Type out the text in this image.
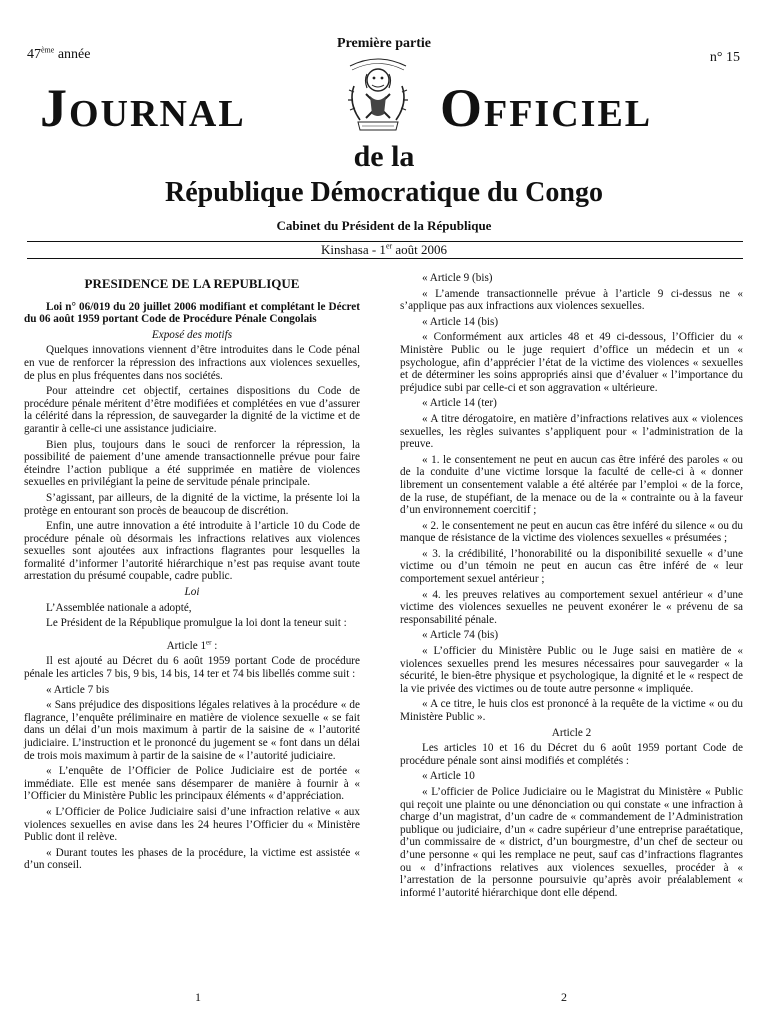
Première partie
47ème année	n° 15
Journal	Officiel
de la
République Démocratique du Congo
Cabinet du Président de la République
Kinshasa - 1er août 2006
PRESIDENCE DE LA REPUBLIQUE

Loi n° 06/019 du 20 juillet 2006 modifiant et complétant le Décret du 06 août 1959 portant Code de Procédure Pénale Congolais

Exposé des motifs

Quelques innovations viennent d’être introduites dans le Code pénal en vue de renforcer la répression des infractions aux violences sexuelles, de plus en plus fréquentes dans nos sociétés.

Pour atteindre cet objectif, certaines dispositions du Code de procédure pénale méritent d’être modifiées et complétées en vue d’assurer la célérité dans la répression, de sauvegarder la dignité de la victime et de garantir à celle-ci une assistance judiciaire.

Bien plus, toujours dans le souci de renforcer la répression, la possibilité de paiement d’une amende transactionnelle prévue pour faire éteindre l’action publique a été supprimée en matière de violences sexuelles en privilégiant la peine de servitude pénale principale.

S’agissant, par ailleurs, de la dignité de la victime, la présente loi la protège en entourant son procès de beaucoup de discrétion.

Enfin, une autre innovation a été introduite à l’article 10 du Code de procédure pénale où désormais les infractions relatives aux violences sexuelles sont ajoutées aux infractions flagrantes pour lesquelles la formalité d’informer l’autorité hiérarchique n’est pas requise avant toute arrestation du présumé coupable, cadre public.

Loi

L’Assemblée nationale a adopté,

Le Président de la République promulgue la loi dont la teneur suit :

Article 1er :

Il est ajouté au Décret du 6 août 1959 portant Code de procédure pénale les articles 7 bis, 9 bis, 14 bis, 14 ter et 74 bis libellés comme suit :

« Article 7 bis

« Sans préjudice des dispositions légales relatives à la procédure « de flagrance, l’enquête préliminaire en matière de violence sexuelle « se fait dans un délai d’un mois maximum à partir de la saisine de « l’autorité judiciaire. L’instruction et le prononcé du jugement se « font dans un délai de trois mois maximum à partir de la saisine de « l’autorité judiciaire.

« L’enquête de l’Officier de Police Judiciaire est de portée « immédiate. Elle est menée sans désemparer de manière à fournir à « l’Officier du Ministère Public les principaux éléments « d’appréciation.

« L’Officier de Police Judiciaire saisi d’une infraction relative « aux violences sexuelles en avise dans les 24 heures l’Officier du « Ministère Public dont il relève.

« Durant toutes les phases de la procédure, la victime est assistée « d’un conseil.

« Article 9 (bis)

« L’amende transactionnelle prévue à l’article 9 ci-dessus ne « s’applique pas aux infractions aux violences sexuelles.

« Article 14 (bis)

« Conformément aux articles 48 et 49 ci-dessous, l’Officier du « Ministère Public ou le juge requiert d’office un médecin et un « psychologue, afin d’apprécier l’état de la victime des violences « sexuelles et de déterminer les soins appropriés ainsi que d’évaluer « l’importance du préjudice subi par celle-ci et son aggravation « ultérieure.

« Article 14 (ter)

« A titre dérogatoire, en matière d’infractions relatives aux « violences sexuelles, les règles suivantes s’appliquent pour « l’administration de la preuve.

« 1. le consentement ne peut en aucun cas être inféré des paroles « ou de la conduite d’une victime lorsque la faculté de celle-ci à « donner librement un consentement valable a été altérée par l’emploi « de la force, de la ruse, de stupéfiant, de la menace ou de la « contrainte ou à la faveur d’un environnement coercitif ;

« 2. le consentement ne peut en aucun cas être inféré du silence « ou du manque de résistance de la victime des violences sexuelles « présumées ;

« 3. la crédibilité, l’honorabilité ou la disponibilité sexuelle « d’une victime ou d’un témoin ne peut en aucun cas être inféré de « leur comportement sexuel antérieur ;

« 4. les preuves relatives au comportement sexuel antérieur « d’une victime des violences sexuelles ne peuvent exonérer le « prévenu de sa responsabilité pénale.

« Article 74 (bis)

« L’officier du Ministère Public ou le Juge saisi en matière de « violences sexuelles prend les mesures nécessaires pour sauvegarder « la sécurité, le bien-être physique et psychologique, la dignité et le « respect de la vie privée des victimes ou de toute autre personne « impliquée.

« A ce titre, le huis clos est prononcé à la requête de la victime « ou du Ministère Public ».

Article 2

Les articles 10 et 16 du Décret du 6 août 1959 portant Code de procédure pénale sont ainsi modifiés et complétés :

« Article 10

« L’officier de Police Judiciaire ou le Magistrat du Ministère « Public qui reçoit une plainte ou une dénonciation ou qui constate « une infraction à charge d’un magistrat, d’un cadre de « commandement de l’Administration publique ou judiciaire, d’un « cadre supérieur d’une entreprise paraétatique, d’un commissaire de « district, d’un bourgmestre, d’un chef de secteur ou d’une personne « qui les remplace ne peut, sauf cas d’infractions flagrantes ou « d’infractions relatives aux violences sexuelles, procéder à « l’arrestation de la personne poursuivie qu’après avoir préalablement « informé l’autorité hiérarchique dont elle dépend.

1	2
